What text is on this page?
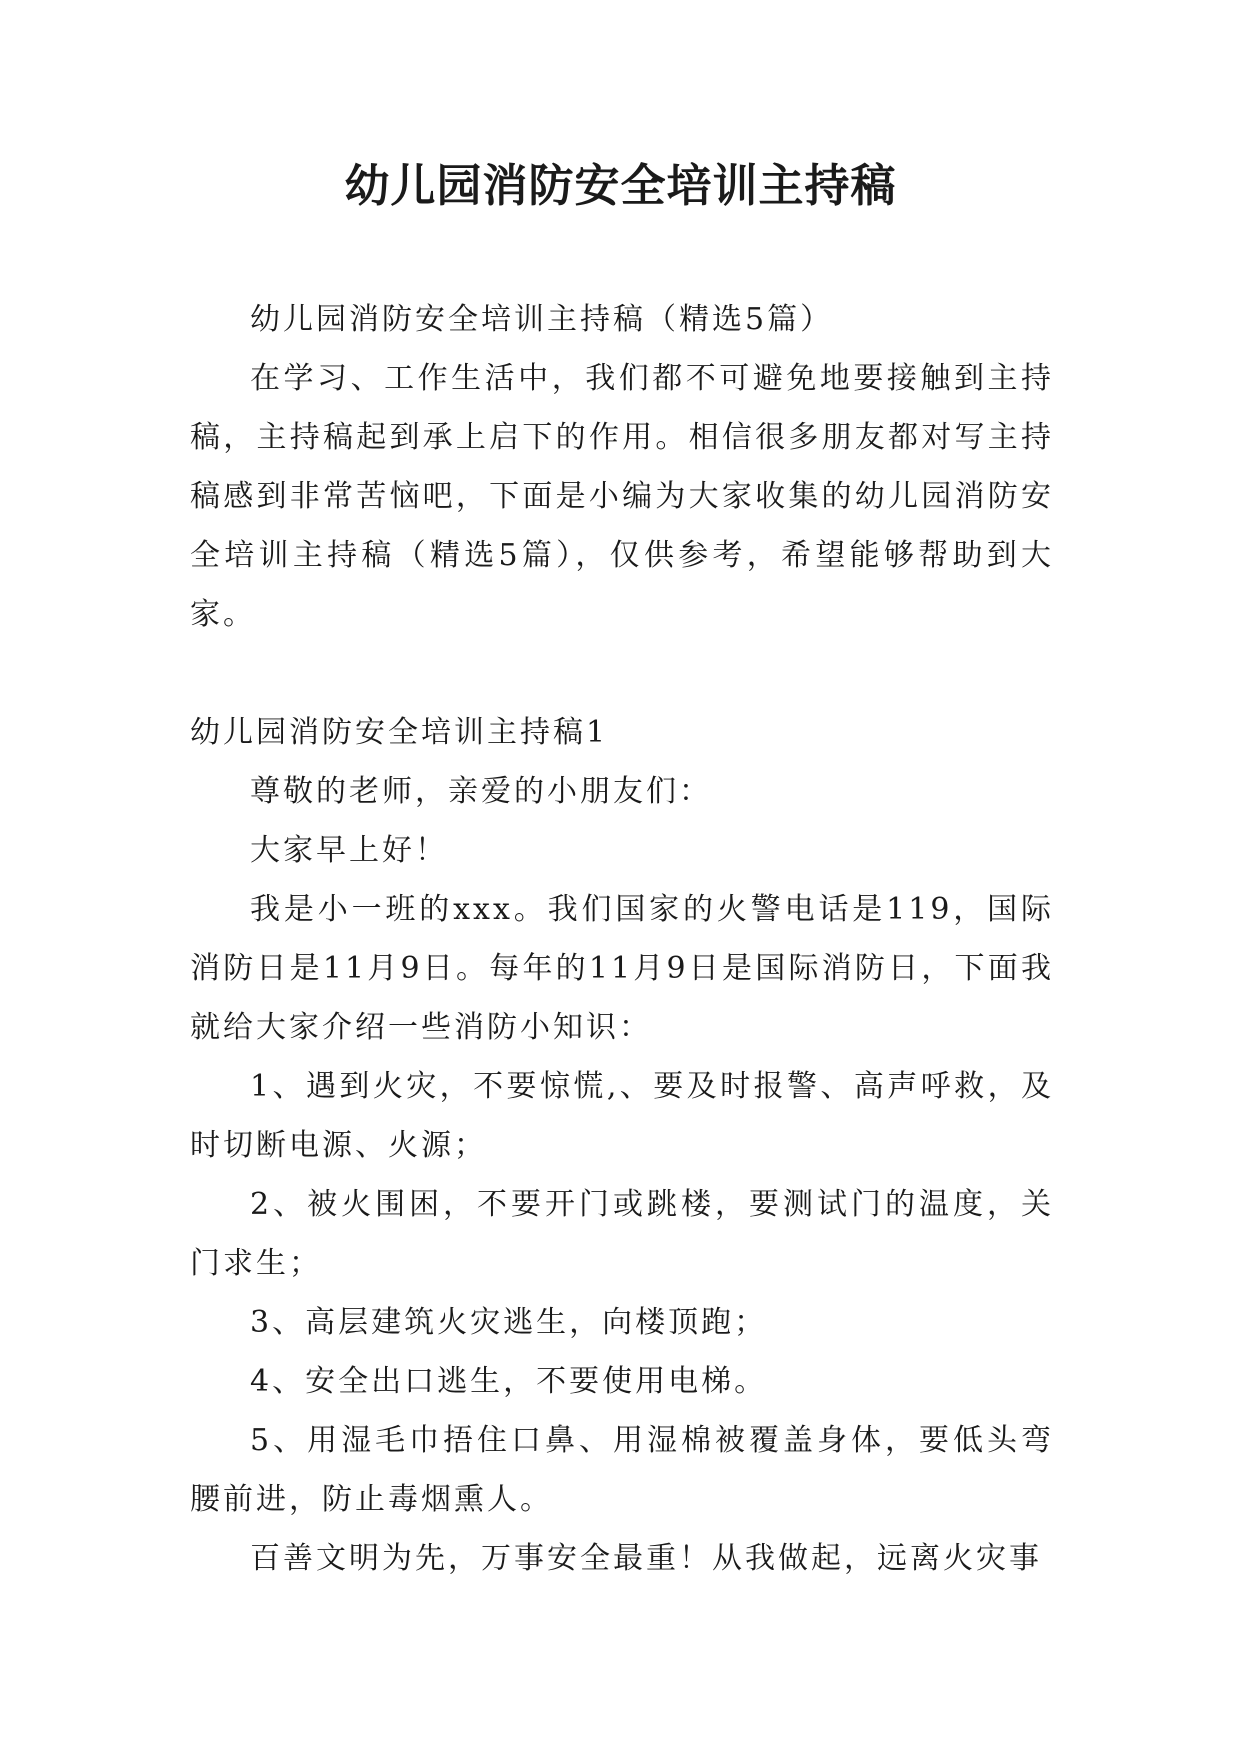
幼儿园消防安全培训主持稿

幼儿园消防安全培训主持稿（精选5篇）

在学习、工作生活中，我们都不可避免地要接触到主持稿，主持稿起到承上启下的作用。相信很多朋友都对写主持稿感到非常苦恼吧，下面是小编为大家收集的幼儿园消防安全培训主持稿（精选5篇），仅供参考，希望能够帮助到大家。

幼儿园消防安全培训主持稿1

尊敬的老师，亲爱的小朋友们：

大家早上好！

我是小一班的xxx。我们国家的火警电话是119，国际消防日是11月9日。每年的11月9日是国际消防日，下面我就给大家介绍一些消防小知识：

1、遇到火灾，不要惊慌,、要及时报警、高声呼救，及时切断电源、火源；

2、被火围困，不要开门或跳楼，要测试门的温度，关门求生；

3、高层建筑火灾逃生，向楼顶跑；

4、安全出口逃生，不要使用电梯。

5、用湿毛巾捂住口鼻、用湿棉被覆盖身体，要低头弯腰前进，防止毒烟熏人。

百善文明为先，万事安全最重！从我做起，远离火灾事
